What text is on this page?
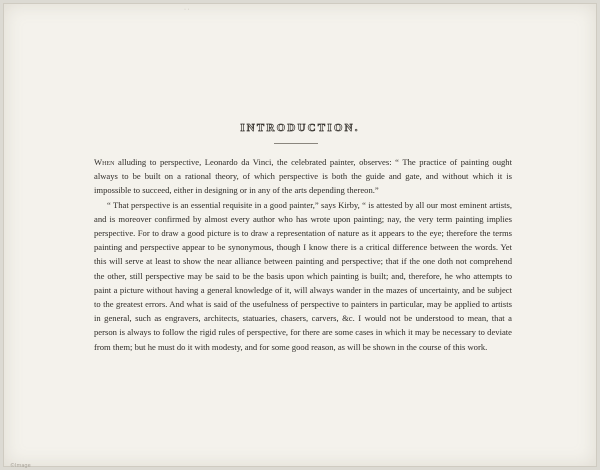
· ·
INTRODUCTION.

When alluding to perspective, Leonardo da Vinci, the celebrated painter, observes: “ The practice of painting ought always to be built on a rational theory, of which perspective is both the guide and gate, and without which it is impossible to succeed, either in designing or in any of the arts depending thereon.”

“ That perspective is an essential requisite in a good painter,” says Kirby, “ is attested by all our most eminent artists, and is moreover confirmed by almost every author who has wrote upon painting; nay, the very term painting implies perspective. For to draw a good picture is to draw a representation of nature as it appears to the eye; therefore the terms painting and perspective appear to be synonymous, though I know there is a critical difference between the words. Yet this will serve at least to show the near alliance between painting and perspective; that if the one doth not comprehend the other, still perspective may be said to be the basis upon which painting is built; and, therefore, he who attempts to paint a picture without having a general knowledge of it, will always wander in the mazes of uncertainty, and be subject to the greatest errors. And what is said of the usefulness of perspective to painters in particular, may be applied to artists in general, such as engravers, architects, statuaries, chasers, carvers, &c. I would not be understood to mean, that a person is always to follow the rigid rules of perspective, for there are some cases in which it may be necessary to deviate from them; but he must do it with modesty, and for some good reason, as will be shown in the course of this work.

©Image
